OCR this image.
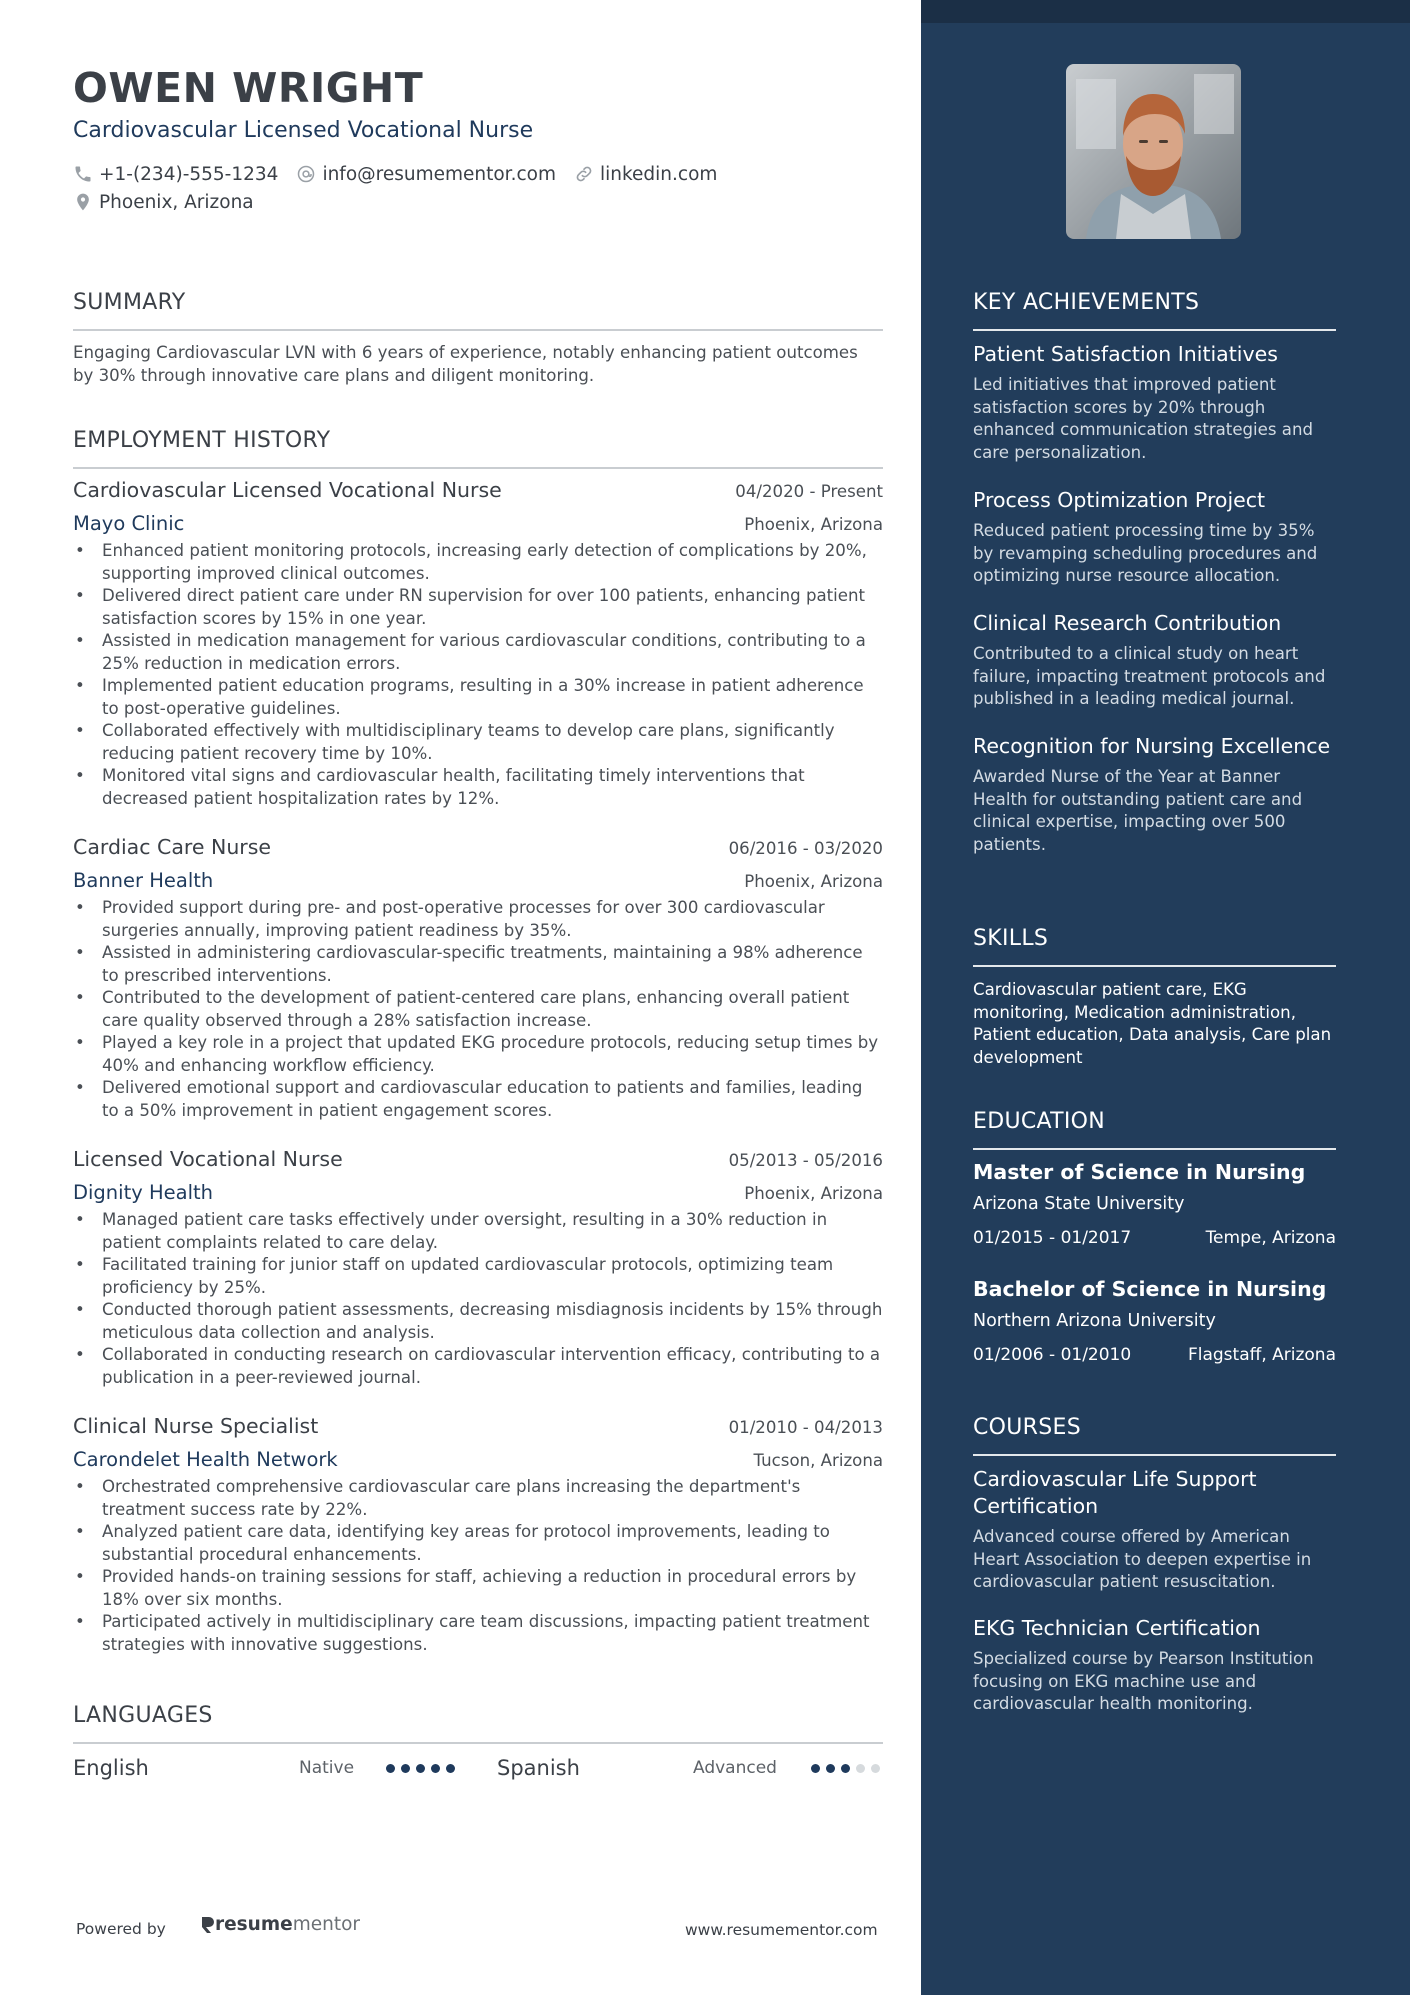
OWEN WRIGHT
Cardiovascular Licensed Vocational Nurse
+1-(234)-555-1234 info@resumementor.com linkedin.com
Phoenix, Arizona
SUMMARY
Engaging Cardiovascular LVN with 6 years of experience, notably enhancing patient outcomes by 30% through innovative care plans and diligent monitoring.
EMPLOYMENT HISTORY
Cardiovascular Licensed Vocational Nurse	04/2020 - Present
Mayo Clinic	Phoenix, Arizona
• Enhanced patient monitoring protocols, increasing early detection of complications by 20%, supporting improved clinical outcomes.
• Delivered direct patient care under RN supervision for over 100 patients, enhancing patient satisfaction scores by 15% in one year.
• Assisted in medication management for various cardiovascular conditions, contributing to a 25% reduction in medication errors.
• Implemented patient education programs, resulting in a 30% increase in patient adherence to post-operative guidelines.
• Collaborated effectively with multidisciplinary teams to develop care plans, significantly reducing patient recovery time by 10%.
• Monitored vital signs and cardiovascular health, facilitating timely interventions that decreased patient hospitalization rates by 12%.
Cardiac Care Nurse	06/2016 - 03/2020
Banner Health	Phoenix, Arizona
• Provided support during pre- and post-operative processes for over 300 cardiovascular surgeries annually, improving patient readiness by 35%.
• Assisted in administering cardiovascular-specific treatments, maintaining a 98% adherence to prescribed interventions.
• Contributed to the development of patient-centered care plans, enhancing overall patient care quality observed through a 28% satisfaction increase.
• Played a key role in a project that updated EKG procedure protocols, reducing setup times by 40% and enhancing workflow efficiency.
• Delivered emotional support and cardiovascular education to patients and families, leading to a 50% improvement in patient engagement scores.
Licensed Vocational Nurse	05/2013 - 05/2016
Dignity Health	Phoenix, Arizona
• Managed patient care tasks effectively under oversight, resulting in a 30% reduction in patient complaints related to care delay.
• Facilitated training for junior staff on updated cardiovascular protocols, optimizing team proficiency by 25%.
• Conducted thorough patient assessments, decreasing misdiagnosis incidents by 15% through meticulous data collection and analysis.
• Collaborated in conducting research on cardiovascular intervention efficacy, contributing to a publication in a peer-reviewed journal.
Clinical Nurse Specialist	01/2010 - 04/2013
Carondelet Health Network	Tucson, Arizona
• Orchestrated comprehensive cardiovascular care plans increasing the department's treatment success rate by 22%.
• Analyzed patient care data, identifying key areas for protocol improvements, leading to substantial procedural enhancements.
• Provided hands-on training sessions for staff, achieving a reduction in procedural errors by 18% over six months.
• Participated actively in multidisciplinary care team discussions, impacting patient treatment strategies with innovative suggestions.
LANGUAGES
English	Native	Spanish	Advanced
Powered by	resume mentor	www.resumementor.com
KEY ACHIEVEMENTS
Patient Satisfaction Initiatives
Led initiatives that improved patient satisfaction scores by 20% through enhanced communication strategies and care personalization.
Process Optimization Project
Reduced patient processing time by 35% by revamping scheduling procedures and optimizing nurse resource allocation.
Clinical Research Contribution
Contributed to a clinical study on heart failure, impacting treatment protocols and published in a leading medical journal.
Recognition for Nursing Excellence
Awarded Nurse of the Year at Banner Health for outstanding patient care and clinical expertise, impacting over 500 patients.
SKILLS
Cardiovascular patient care, EKG monitoring, Medication administration, Patient education, Data analysis, Care plan development
EDUCATION
Master of Science in Nursing
Arizona State University
01/2015 - 01/2017	Tempe, Arizona
Bachelor of Science in Nursing
Northern Arizona University
01/2006 - 01/2010	Flagstaff, Arizona
COURSES
Cardiovascular Life Support Certification
Advanced course offered by American Heart Association to deepen expertise in cardiovascular patient resuscitation.
EKG Technician Certification
Specialized course by Pearson Institution focusing on EKG machine use and cardiovascular health monitoring.
